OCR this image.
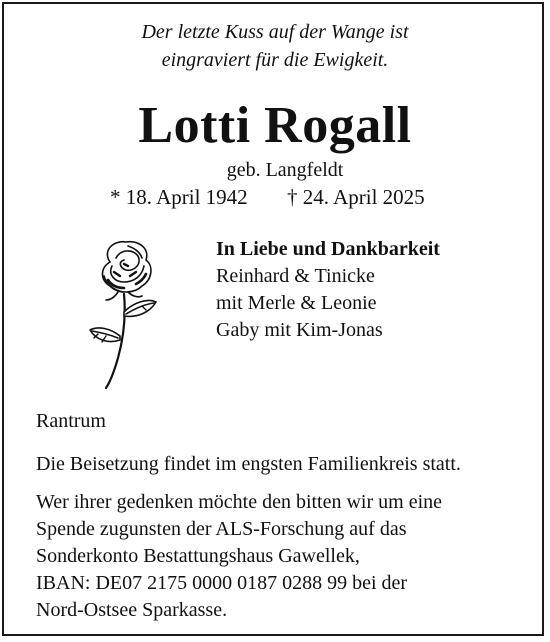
Der letzte Kuss auf der Wange ist
eingraviert für die Ewigkeit.
Lotti Rogall
geb. Langfeldt
* 18. April 1942 † 24. April 2025
In Liebe und Dankbarkeit
Reinhard & Tinicke
mit Merle & Leonie
Gaby mit Kim-Jonas
Rantrum
Die Beisetzung findet im engsten Familienkreis statt.
Wer ihrer gedenken möchte den bitten wir um eine
Spende zugunsten der ALS-Forschung auf das
Sonderkonto Bestattungshaus Gawellek,
IBAN: DE07 2175 0000 0187 0288 99 bei der
Nord-Ostsee Sparkasse.
